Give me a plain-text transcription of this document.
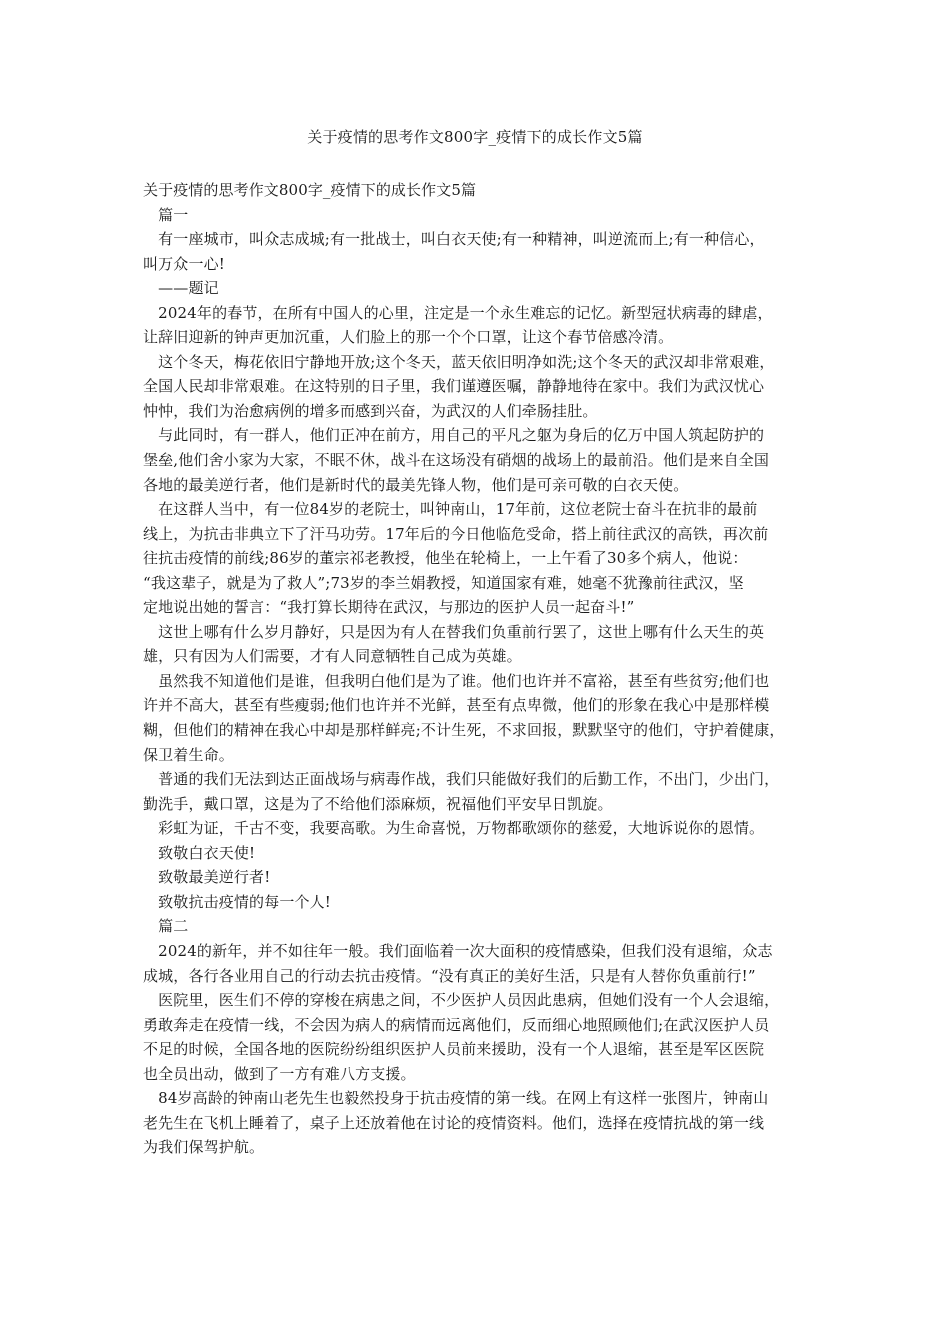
关于疫情的思考作文800字_疫情下的成长作文5篇
关于疫情的思考作文800字_疫情下的成长作文5篇
　篇一
　有一座城市，叫众志成城;有一批战士，叫白衣天使;有一种精神，叫逆流而上;有一种信心，
叫万众一心!
　——题记
　2024年的春节，在所有中国人的心里，注定是一个永生难忘的记忆。新型冠状病毒的肆虐，
让辞旧迎新的钟声更加沉重，人们脸上的那一个个口罩，让这个春节倍感冷清。
　这个冬天，梅花依旧宁静地开放;这个冬天，蓝天依旧明净如洗;这个冬天的武汉却非常艰难，
全国人民却非常艰难。在这特别的日子里，我们谨遵医嘱，静静地待在家中。我们为武汉忧心
忡忡，我们为治愈病例的增多而感到兴奋，为武汉的人们牵肠挂肚。
　与此同时，有一群人，他们正冲在前方，用自己的平凡之躯为身后的亿万中国人筑起防护的
堡垒,他们舍小家为大家，不眠不休，战斗在这场没有硝烟的战场上的最前沿。他们是来自全国
各地的最美逆行者，他们是新时代的最美先锋人物，他们是可亲可敬的白衣天使。
　在这群人当中，有一位84岁的老院士，叫钟南山，17年前，这位老院士奋斗在抗非的最前
线上，为抗击非典立下了汗马功劳。17年后的今日他临危受命，搭上前往武汉的高铁，再次前
往抗击疫情的前线;86岁的董宗祁老教授，他坐在轮椅上，一上午看了30多个病人，他说：
“我这辈子，就是为了救人”;73岁的李兰娟教授，知道国家有难，她毫不犹豫前往武汉，坚
定地说出她的誓言：“我打算长期待在武汉，与那边的医护人员一起奋斗!”
　这世上哪有什么岁月静好，只是因为有人在替我们负重前行罢了，这世上哪有什么天生的英
雄，只有因为人们需要，才有人同意牺牲自己成为英雄。
　虽然我不知道他们是谁，但我明白他们是为了谁。他们也许并不富裕，甚至有些贫穷;他们也
许并不高大，甚至有些瘦弱;他们也许并不光鲜，甚至有点卑微，他们的形象在我心中是那样模
糊，但他们的精神在我心中却是那样鲜亮;不计生死，不求回报，默默坚守的他们，守护着健康，
保卫着生命。
　普通的我们无法到达正面战场与病毒作战，我们只能做好我们的后勤工作，不出门，少出门，
勤洗手，戴口罩，这是为了不给他们添麻烦，祝福他们平安早日凯旋。
　彩虹为证，千古不变，我要高歌。为生命喜悦，万物都歌颂你的慈爱，大地诉说你的恩情。
　致敬白衣天使!
　致敬最美逆行者!
　致敬抗击疫情的每一个人!
　篇二
　2024的新年，并不如往年一般。我们面临着一次大面积的疫情感染，但我们没有退缩，众志
成城，各行各业用自己的行动去抗击疫情。“没有真正的美好生活，只是有人替你负重前行!”
　医院里，医生们不停的穿梭在病患之间，不少医护人员因此患病，但她们没有一个人会退缩，
勇敢奔走在疫情一线，不会因为病人的病情而远离他们，反而细心地照顾他们;在武汉医护人员
不足的时候，全国各地的医院纷纷组织医护人员前来援助，没有一个人退缩，甚至是军区医院
也全员出动，做到了一方有难八方支援。
　84岁高龄的钟南山老先生也毅然投身于抗击疫情的第一线。在网上有这样一张图片，钟南山
老先生在飞机上睡着了，桌子上还放着他在讨论的疫情资料。他们，选择在疫情抗战的第一线
为我们保驾护航。
